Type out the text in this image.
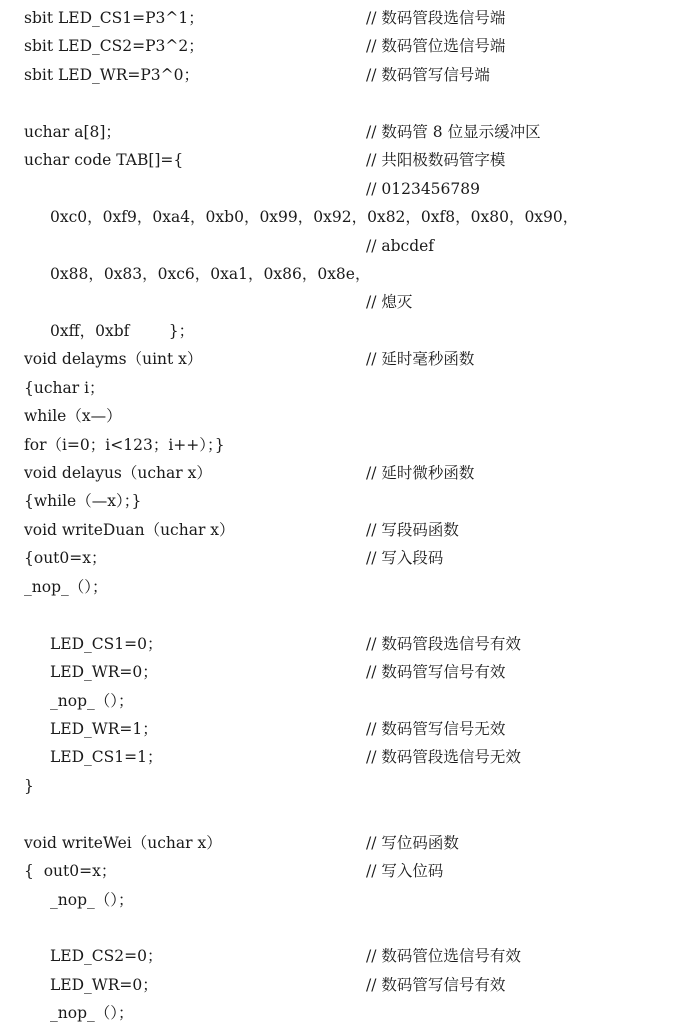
sbit LED_CS1=P3^1；	// 数码管段选信号端
sbit LED_CS2=P3^2；	// 数码管位选信号端
sbit LED_WR=P3^0；	// 数码管写信号端
uchar a[8]；	// 数码管 8 位显示缓冲区
uchar code TAB[]={	// 共阳极数码管字模
// 0123456789
0xc0，0xf9，0xa4，0xb0，0x99，0x92，0x82，0xf8，0x80，0x90，
// abcdef
0x88，0x83，0xc6，0xa1，0x86，0x8e，
// 熄灭
0xff，0xbf        }；
void delayms（uint x）	// 延时毫秒函数
{uchar i；
while（x—）
for（i=0；i<123；i++）；}
void delayus（uchar x）	// 延时微秒函数
{while（—x）；}
void writeDuan（uchar x）	// 写段码函数
{out0=x；	// 写入段码
_nop_（）；
LED_CS1=0；	// 数码管段选信号有效
LED_WR=0；	// 数码管写信号有效
_nop_（）；
LED_WR=1；	// 数码管写信号无效
LED_CS1=1；	// 数码管段选信号无效
}
void writeWei（uchar x）	// 写位码函数
{  out0=x；	// 写入位码
_nop_（）；
LED_CS2=0；	// 数码管位选信号有效
LED_WR=0；	// 数码管写信号有效
_nop_（）；
